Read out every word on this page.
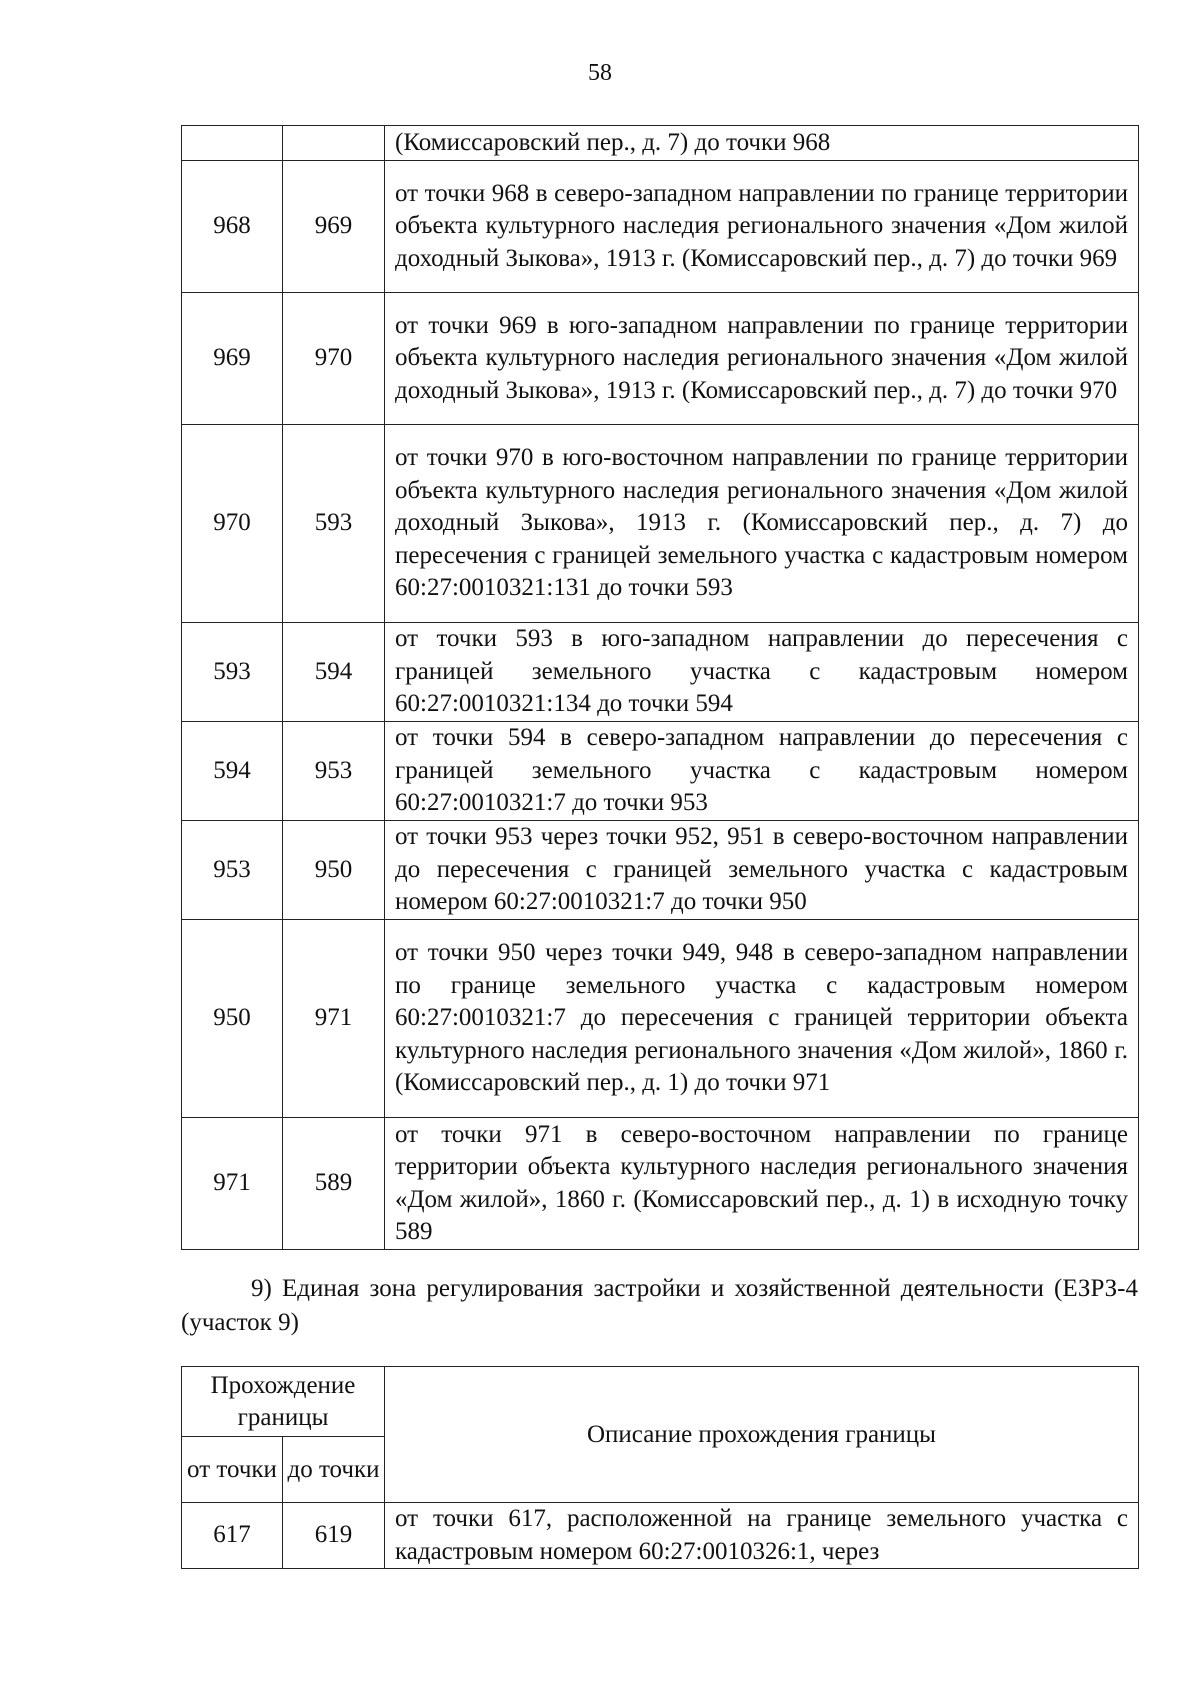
58

		(Комиссаровский пер., д. 7) до точки 968

968	969	от точки 968 в северо-западном направлении по границе территории объекта культурного наследия регионального значения «Дом жилой доходный Зыкова», 1913 г. (Комиссаровский пер., д. 7) до точки 969

969	970	от точки 969 в юго-западном направлении по границе территории объекта культурного наследия регионального значения «Дом жилой доходный Зыкова», 1913 г. (Комиссаровский пер., д. 7) до точки 970

970	593	от точки 970 в юго-восточном направлении по границе территории объекта культурного наследия регионального значения «Дом жилой доходный Зыкова», 1913 г. (Комиссаровский пер., д. 7) до пересечения с границей земельного участка с кадастровым номером 60:27:0010321:131 до точки 593

593	594	от точки 593 в юго-западном направлении до пересечения с границей земельного участка с кадастровым номером 60:27:0010321:134 до точки 594

594	953	от точки 594 в северо-западном направлении до пересечения с границей земельного участка с кадастровым номером 60:27:0010321:7 до точки 953

953	950	от точки 953 через точки 952, 951 в северо-восточном направлении до пересечения с границей земельного участка с кадастровым номером 60:27:0010321:7 до точки 950

950	971	от точки 950 через точки 949, 948 в северо-западном направлении по границе земельного участка с кадастровым номером 60:27:0010321:7 до пересечения с границей территории объекта культурного наследия регионального значения «Дом жилой», 1860 г. (Комиссаровский пер., д. 1) до точки 971

971	589	от точки 971 в северо-восточном направлении по границе территории объекта культурного наследия регионального значения «Дом жилой», 1860 г. (Комиссаровский пер., д. 1) в исходную точку 589

9) Единая зона регулирования застройки и хозяйственной деятельности (ЕЗРЗ-4 (участок 9)
Прохождение границы		Описание прохождения границы
от точки	до точки	
617	619	от точки 617, расположенной на границе земельного участка с кадастровым номером 60:27:0010326:1, через
